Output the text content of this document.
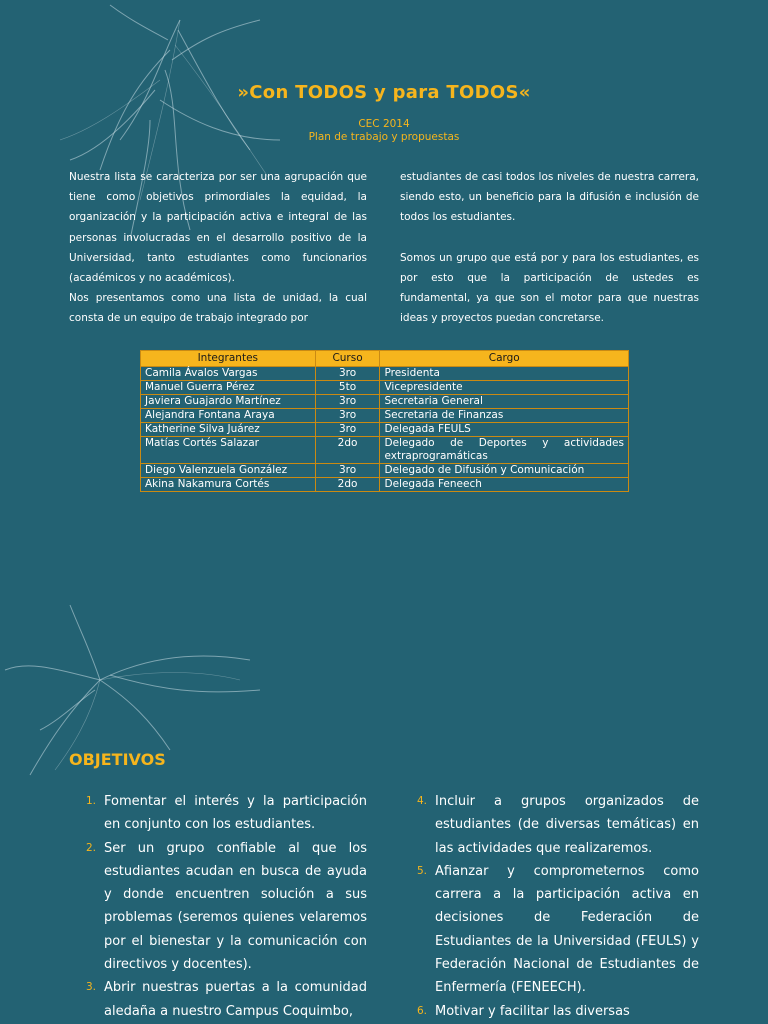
»Con TODOS y para TODOS«
CEC 2014
Plan de trabajo y propuestas

Nuestra lista se caracteriza por ser una agrupación que tiene como objetivos primordiales la equidad, la organización y la participación activa e integral de las personas involucradas en el desarrollo positivo de la Universidad, tanto estudiantes como funcionarios (académicos y no académicos).

Nos presentamos como una lista de unidad, la cual consta de un equipo de trabajo integrado por

estudiantes de casi todos los niveles de nuestra carrera, siendo esto, un beneficio para la difusión e inclusión de todos los estudiantes.

Somos un grupo que está por y para los estudiantes, es por esto que la participación de ustedes es fundamental, ya que son el motor para que nuestras ideas y proyectos puedan concretarse.

Integrantes	Curso	Cargo
Camila Ávalos Vargas	3ro	Presidenta
Manuel Guerra Pérez	5to	Vicepresidente
Javiera Guajardo Martínez	3ro	Secretaria General
Alejandra Fontana Araya	3ro	Secretaria de Finanzas
Katherine Silva Juárez	3ro	Delegada FEULS
Matías Cortés Salazar	2do	Delegado de Deportes y actividades extraprogramáticas
Diego Valenzuela González	3ro	Delegado de Difusión y Comunicación
Akina Nakamura Cortés	2do	Delegada Feneech
OBJETIVOS
1. Fomentar el interés y la participación en conjunto con los estudiantes.
2. Ser un grupo confiable al que los estudiantes acudan en busca de ayuda y donde encuentren solución a sus problemas (seremos quienes velaremos por el bienestar y la comunicación con directivos y docentes).
3. Abrir nuestras puertas a la comunidad aledaña a nuestro Campus Coquimbo,
4. Incluir a grupos organizados de estudiantes (de diversas temáticas) en las actividades que realizaremos.
5. Afianzar y comprometernos como carrera a la participación activa en decisiones de Federación de Estudiantes de la Universidad (FEULS) y Federación Nacional de Estudiantes de Enfermería (FENEECH).
6. Motivar y facilitar las diversas
